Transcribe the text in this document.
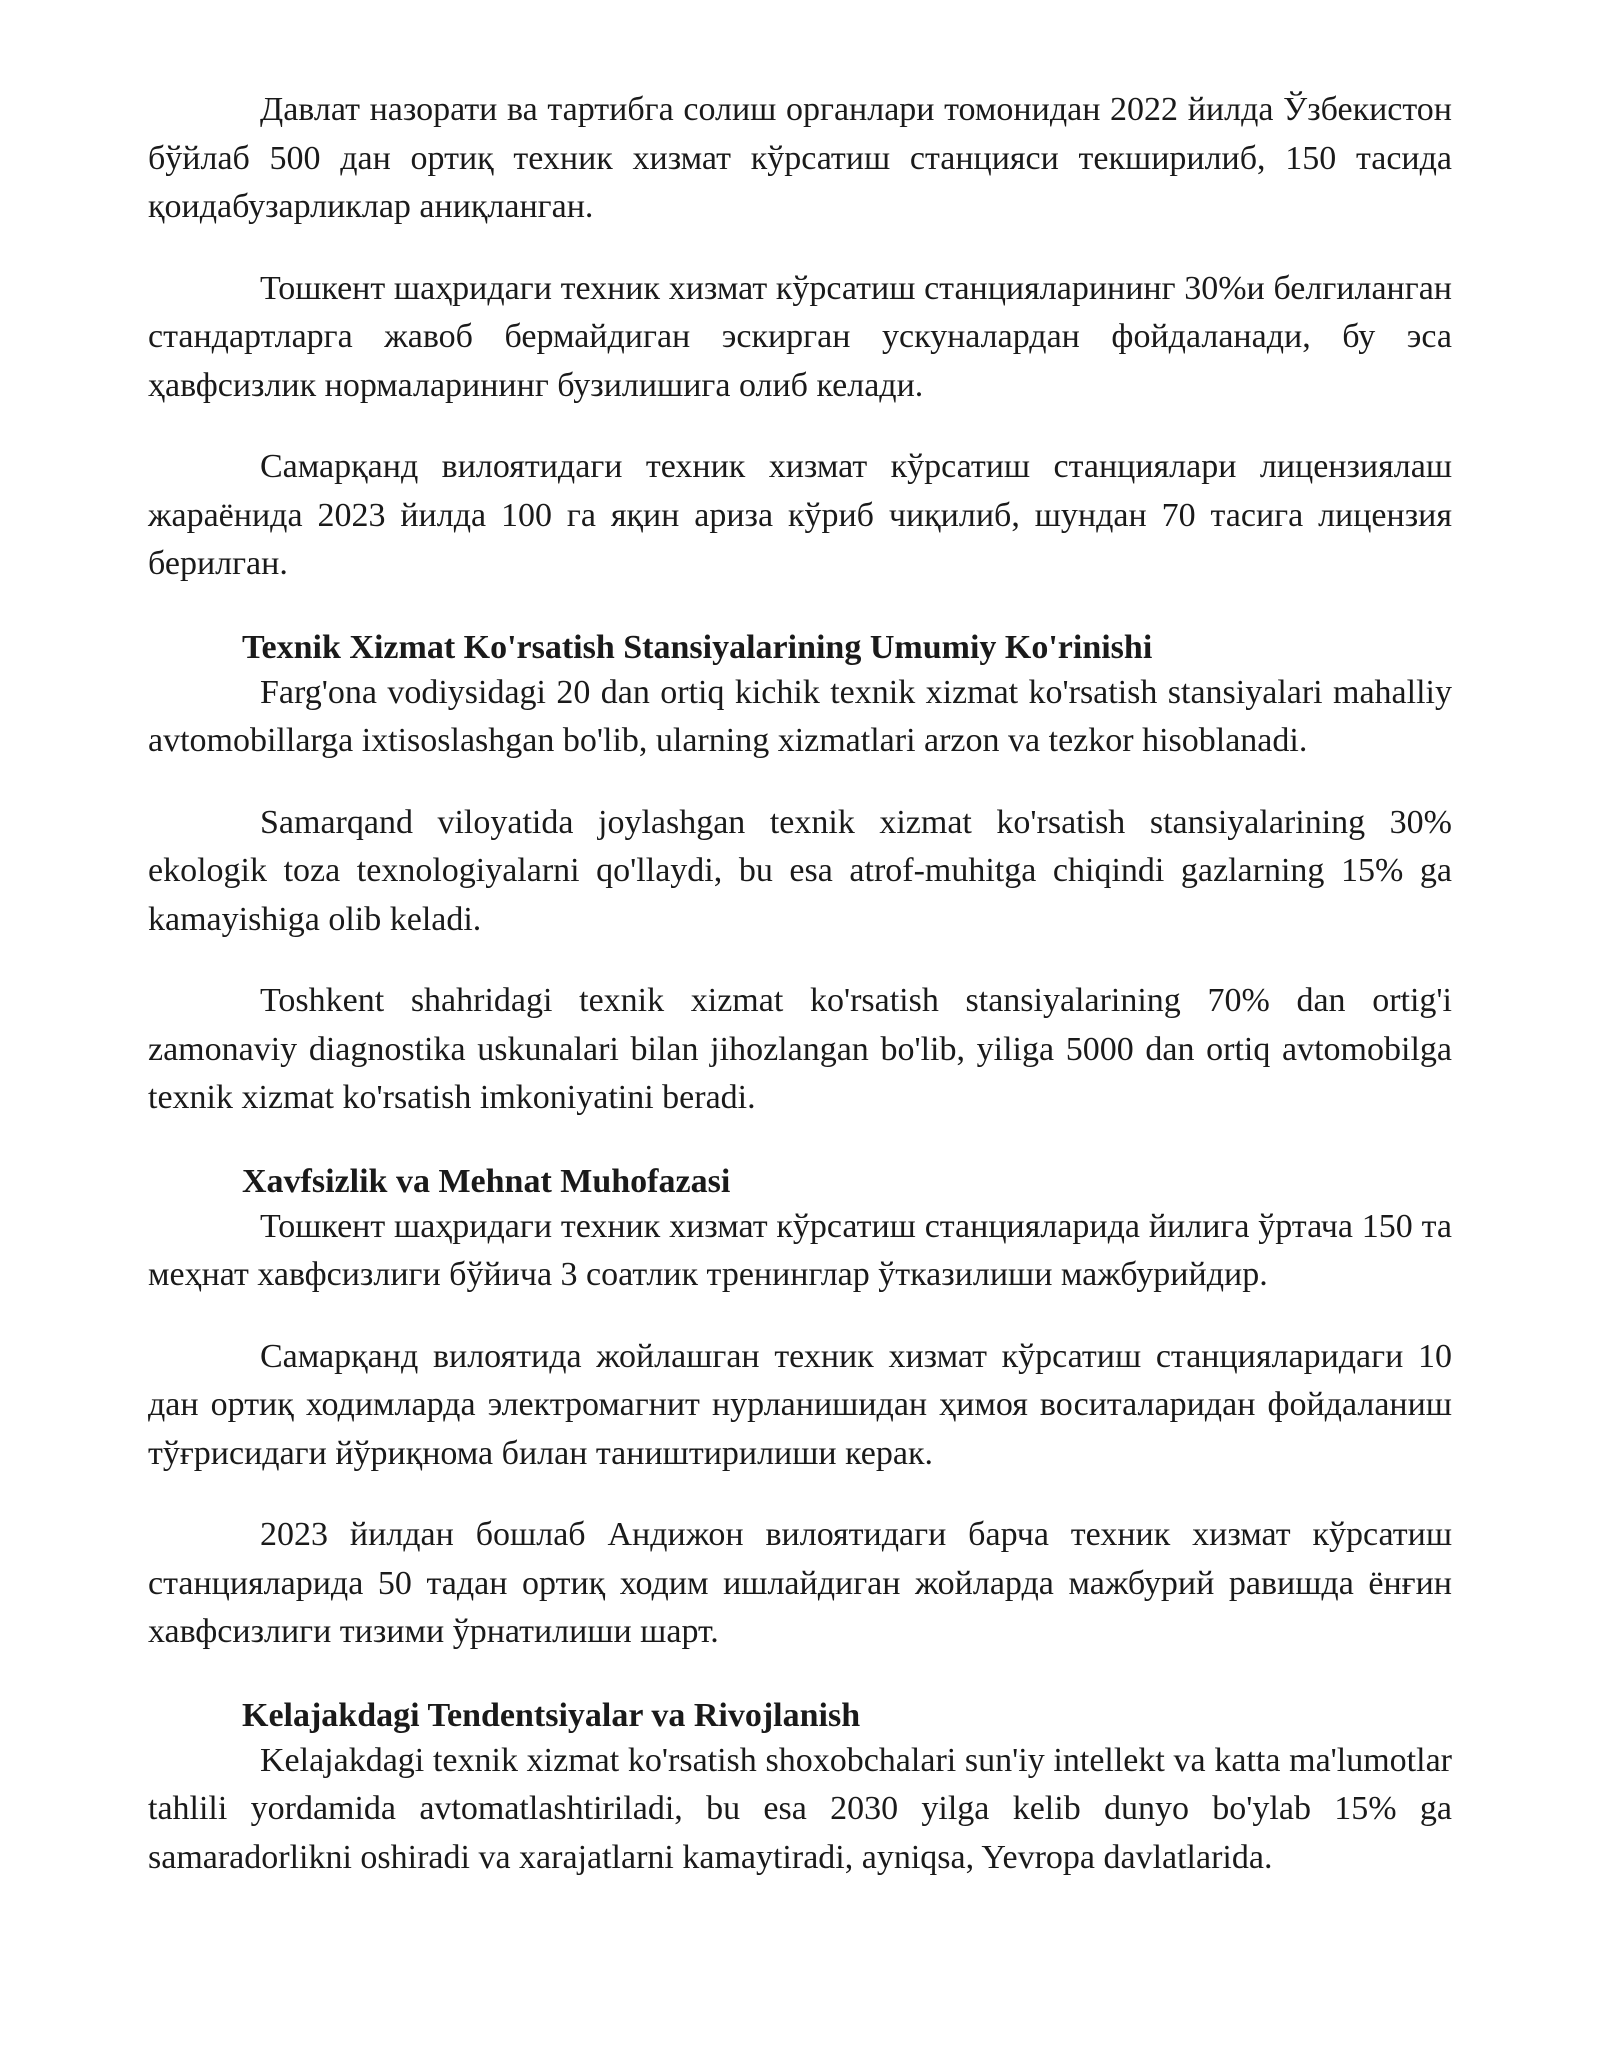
Давлат назорати ва тартибга солиш органлари томонидан 2022 йилда Ўзбекистон бўйлаб 500 дан ортиқ техник хизмат кўрсатиш станцияси текширилиб, 150 тасида қоидабузарликлар аниқланган.

Тошкент шаҳридаги техник хизмат кўрсатиш станцияларининг 30%и белгиланган стандартларга жавоб бермайдиган эскирган ускуналардан фойдаланади, бу эса ҳавфсизлик нормаларининг бузилишига олиб келади.

Самарқанд вилоятидаги техник хизмат кўрсатиш станциялари лицензиялаш жараёнида 2023 йилда 100 га яқин ариза кўриб чиқилиб, шундан 70 тасига лицензия берилган.

Texnik Xizmat Ko'rsatish Stansiyalarining Umumiy Ko'rinishi

Farg'ona vodiysidagi 20 dan ortiq kichik texnik xizmat ko'rsatish stansiyalari mahalliy avtomobillarga ixtisoslashgan bo'lib, ularning xizmatlari arzon va tezkor hisoblanadi.

Samarqand viloyatida joylashgan texnik xizmat ko'rsatish stansiyalarining 30% ekologik toza texnologiyalarni qo'llaydi, bu esa atrof-muhitga chiqindi gazlarning 15% ga kamayishiga olib keladi.

Toshkent shahridagi texnik xizmat ko'rsatish stansiyalarining 70% dan ortig'i zamonaviy diagnostika uskunalari bilan jihozlangan bo'lib, yiliga 5000 dan ortiq avtomobilga texnik xizmat ko'rsatish imkoniyatini beradi.

Xavfsizlik va Mehnat Muhofazasi

Тошкент шаҳридаги техник хизмат кўрсатиш станцияларида йилига ўртача 150 та меҳнат хавфсизлиги бўйича 3 соатлик тренинглар ўтказилиши мажбурийдир.

Самарқанд вилоятида жойлашган техник хизмат кўрсатиш станцияларидаги 10 дан ортиқ ходимларда электромагнит нурланишидан ҳимоя воситаларидан фойдаланиш тўғрисидаги йўриқнома билан таништирилиши керак.

2023 йилдан бошлаб Андижон вилоятидаги барча техник хизмат кўрсатиш станцияларида 50 тадан ортиқ ходим ишлайдиган жойларда мажбурий равишда ёнғин хавфсизлиги тизими ўрнатилиши шарт.

Kelajakdagi Tendentsiyalar va Rivojlanish

Kelajakdagi texnik xizmat ko'rsatish shoxobchalari sun'iy intellekt va katta ma'lumotlar tahlili yordamida avtomatlashtiriladi, bu esa 2030 yilga kelib dunyo bo'ylab 15% ga samaradorlikni oshiradi va xarajatlarni kamaytiradi, ayniqsa, Yevropa davlatlarida.
